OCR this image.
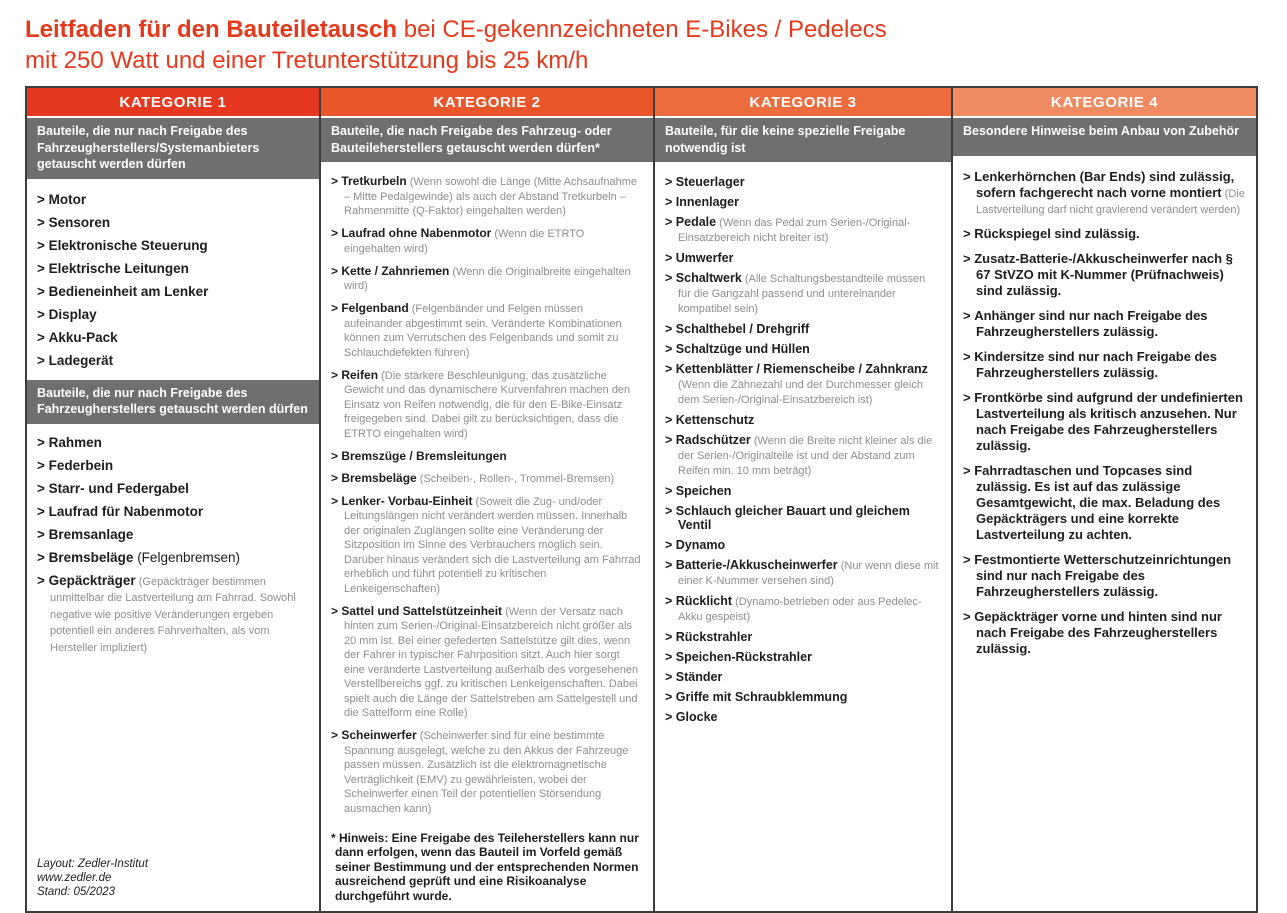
Leitfaden für den Bauteiletausch bei CE-gekennzeichneten E-Bikes / Pedelecs
mit 250 Watt und einer Tretunterstützung bis 25 km/h
KATEGORIE 1
Bauteile, die nur nach Freigabe des Fahrzeugherstellers/Systemanbieters getauscht werden dürfen
> Motor
> Sensoren
> Elektronische Steuerung
> Elektrische Leitungen
> Bedieneinheit am Lenker
> Display
> Akku-Pack
> Ladegerät
Bauteile, die nur nach Freigabe des Fahrzeugherstellers getauscht werden dürfen
> Rahmen
> Federbein
> Starr- und Federgabel
> Laufrad für Nabenmotor
> Bremsanlage
> Bremsbeläge (Felgenbremsen)
> Gepäckträger (Gepäckträger bestimmen unmittelbar die Lastverteilung am Fahrrad. Sowohl negative wie positive Veränderungen ergeben potentiell ein anderes Fahrverhalten, als vom Hersteller impliziert)
Layout: Zedler-Institut
www.zedler.de
Stand: 05/2023
KATEGORIE 2
Bauteile, die nach Freigabe des Fahrzeug- oder Bauteileherstellers getauscht werden dürfen*
> Tretkurbeln (Wenn sowohl die Länge (Mitte Achsaufnahme – Mitte Pedalgewinde) als auch der Abstand Tretkurbeln – Rahmenmitte (Q-Faktor) eingehalten werden)
> Laufrad ohne Nabenmotor (Wenn die ETRTO eingehalten wird)
> Kette / Zahnriemen (Wenn die Originalbreite eingehalten wird)
> Felgenband (Felgenbänder und Felgen müssen aufeinander abgestimmt sein. Veränderte Kombinationen können zum Verrutschen des Felgenbands und somit zu Schlauchdefekten führen)
> Reifen (Die stärkere Beschleunigung, das zusätzliche Gewicht und das dynamischere Kurvenfahren machen den Einsatz von Reifen notwendig, die für den E-Bike-Einsatz freigegeben sind. Dabei gilt zu berücksichtigen, dass die ETRTO eingehalten wird)
> Bremszüge / Bremsleitungen
> Bremsbeläge (Scheiben-, Rollen-, Trommel-Bremsen)
> Lenker- Vorbau-Einheit (Soweit die Zug- und/oder Leitungslängen nicht verändert werden müssen. Innerhalb der originalen Zuglängen sollte eine Veränderung der Sitzposition im Sinne des Verbrauchers möglich sein. Darüber hinaus verändert sich die Lastverteilung am Fahrrad erheblich und führt potentiell zu kritischen Lenkeigenschaften)
> Sattel und Sattelstützeinheit (Wenn der Versatz nach hinten zum Serien-/Original-Einsatzbereich nicht größer als 20 mm ist. Bei einer gefederten Sattelstütze gilt dies, wenn der Fahrer in typischer Fahrposition sitzt. Auch hier sorgt eine veränderte Lastverteilung außerhalb des vorgesehenen Verstellbereichs ggf. zu kritischen Lenkeigenschaften. Dabei spielt auch die Länge der Sattelstreben am Sattelgestell und die Sattelform eine Rolle)
> Scheinwerfer (Scheinwerfer sind für eine bestimmte Spannung ausgelegt, welche zu den Akkus der Fahrzeuge passen müssen. Zusätzlich ist die elektromagnetische Verträglichkeit (EMV) zu gewährleisten, wobei der Scheinwerfer einen Teil der potentiellen Störsendung ausmachen kann)
* Hinweis: Eine Freigabe des Teileherstellers kann nur dann erfolgen, wenn das Bauteil im Vorfeld gemäß seiner Bestimmung und der entsprechenden Normen ausreichend geprüft und eine Risikoanalyse durchgeführt wurde.
KATEGORIE 3
Bauteile, für die keine spezielle Freigabe notwendig ist
> Steuerlager
> Innenlager
> Pedale (Wenn das Pedal zum Serien-/Original-Einsatzbereich nicht breiter ist)
> Umwerfer
> Schaltwerk (Alle Schaltungsbestandteile müssen für die Gangzahl passend und untereinander kompatibel sein)
> Schalthebel / Drehgriff
> Schaltzüge und Hüllen
> Kettenblätter / Riemenscheibe / Zahnkranz (Wenn die Zähnezahl und der Durchmesser gleich dem Serien-/Original-Einsatzbereich ist)
> Kettenschutz
> Radschützer (Wenn die Breite nicht kleiner als die der Serien-/Originalteile ist und der Abstand zum Reifen min. 10 mm beträgt)
> Speichen
> Schlauch gleicher Bauart und gleichem Ventil
> Dynamo
> Batterie-/Akkuscheinwerfer (Nur wenn diese mit einer K-Nummer versehen sind)
> Rücklicht (Dynamo-betrieben oder aus Pedelec-Akku gespeist)
> Rückstrahler
> Speichen-Rückstrahler
> Ständer
> Griffe mit Schraubklemmung
> Glocke
KATEGORIE 4
Besondere Hinweise beim Anbau von Zubehör
> Lenkerhörnchen (Bar Ends) sind zulässig, sofern fachgerecht nach vorne montiert (Die Lastverteilung darf nicht gravierend verändert werden)
> Rückspiegel sind zulässig.
> Zusatz-Batterie-/Akkuscheinwerfer nach § 67 StVZO mit K-Nummer (Prüfnachweis) sind zulässig.
> Anhänger sind nur nach Freigabe des Fahrzeugherstellers zulässig.
> Kindersitze sind nur nach Freigabe des Fahrzeugherstellers zulässig.
> Frontkörbe sind aufgrund der undefinierten Lastverteilung als kritisch anzusehen. Nur nach Freigabe des Fahrzeugherstellers zulässig.
> Fahrradtaschen und Topcases sind zulässig. Es ist auf das zulässige Gesamtgewicht, die max. Beladung des Gepäckträgers und eine korrekte Lastverteilung zu achten.
> Festmontierte Wetterschutzeinrichtungen sind nur nach Freigabe des Fahrzeugherstellers zulässig.
> Gepäckträger vorne und hinten sind nur nach Freigabe des Fahrzeugherstellers zulässig.
